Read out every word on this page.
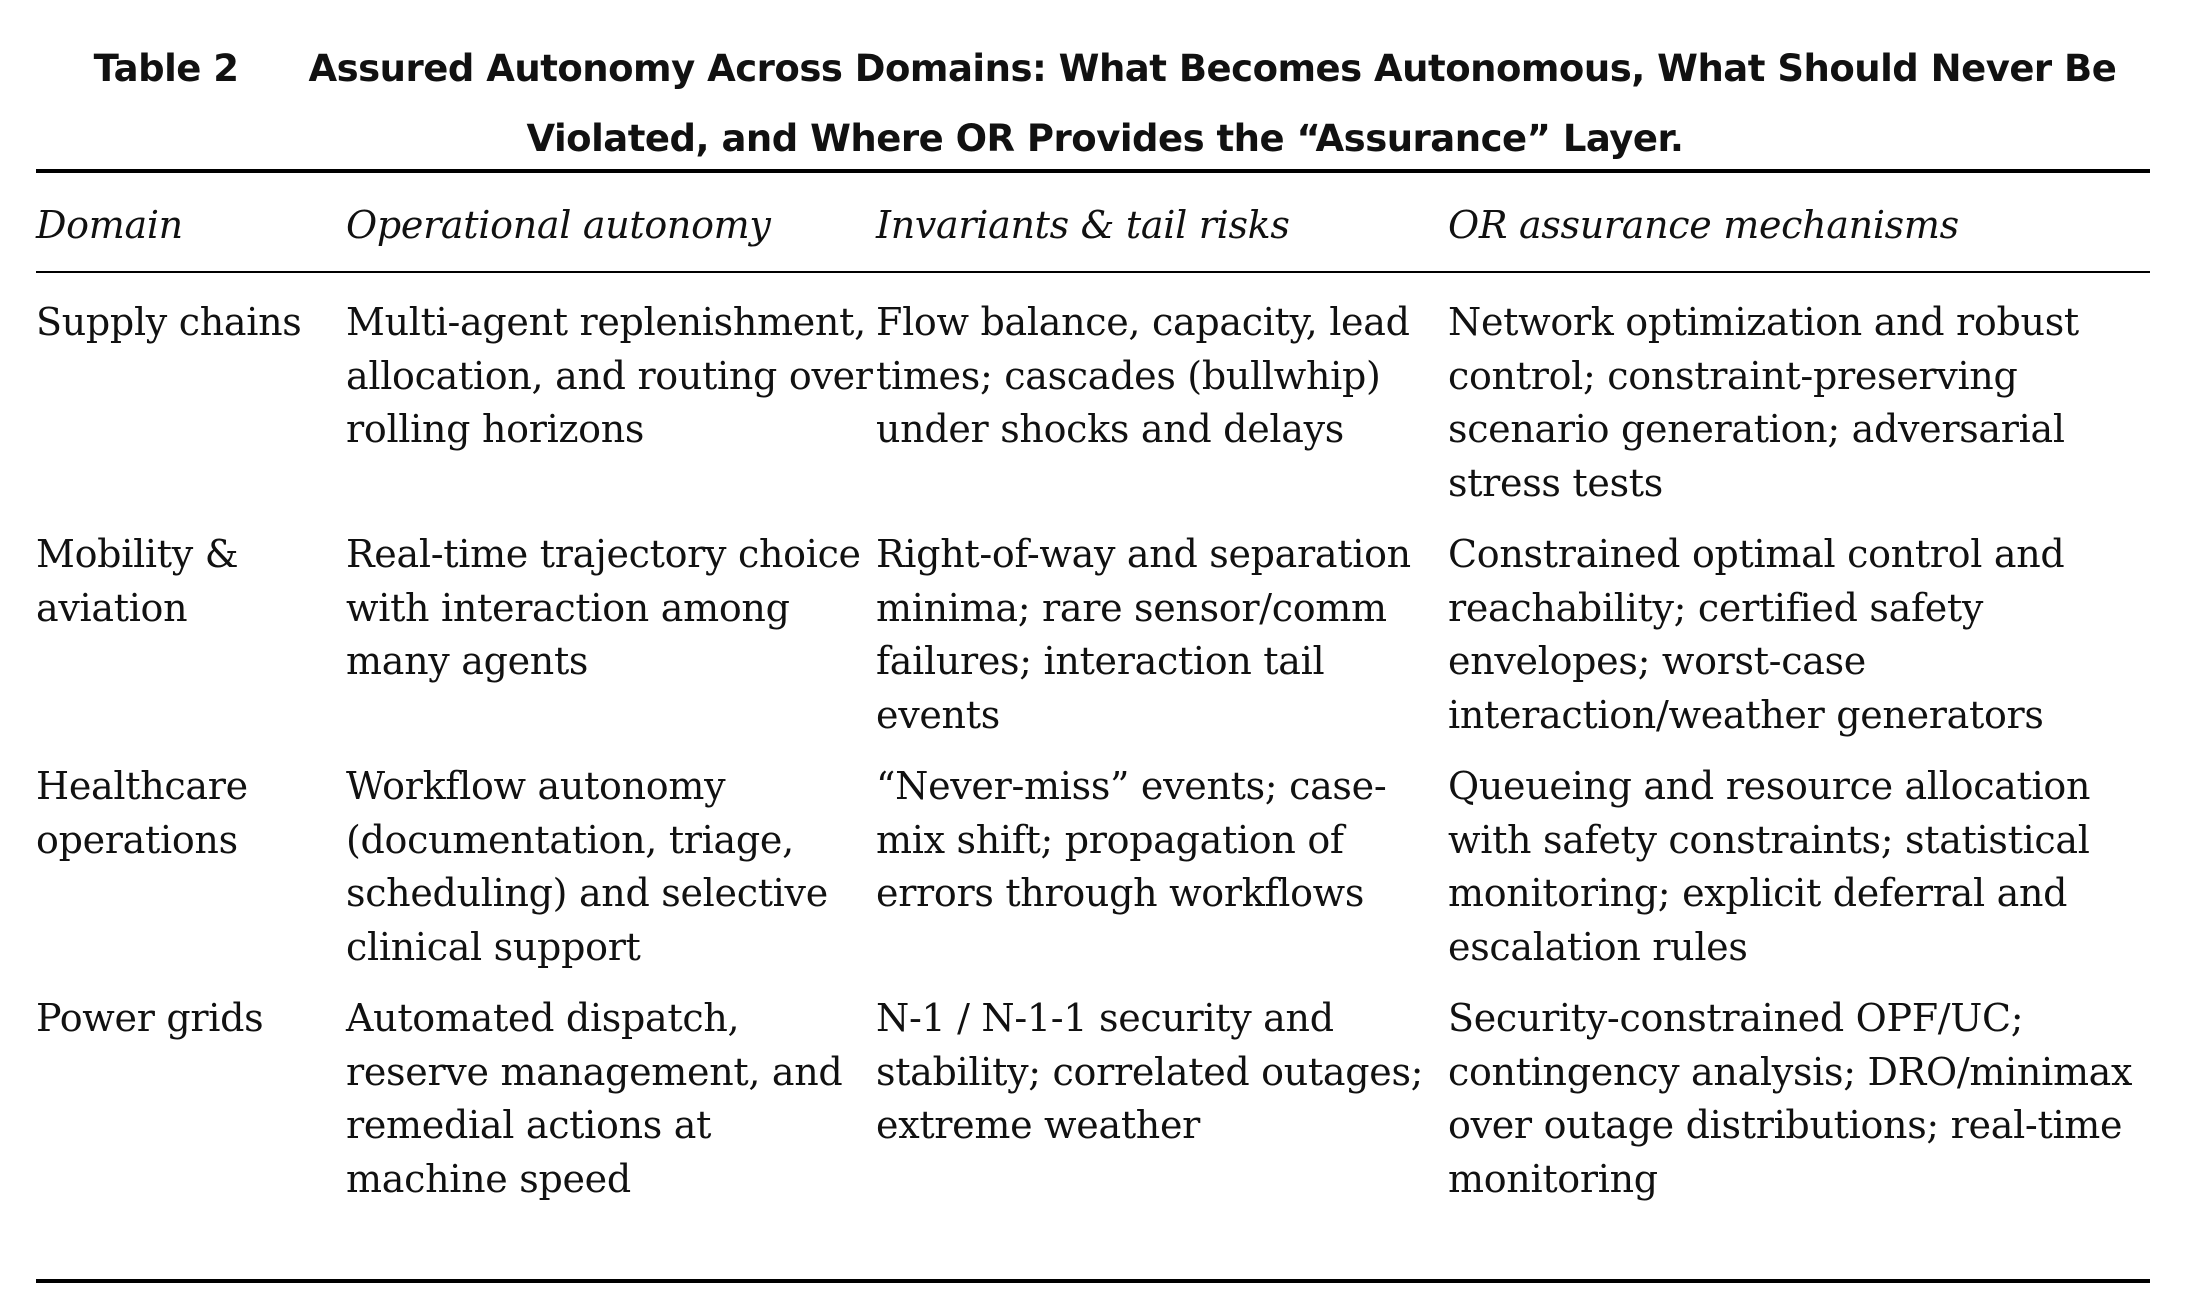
Table 2 Assured Autonomy Across Domains: What Becomes Autonomous, What Should Never Be Violated, and Where OR Provides the “Assurance” Layer.
Domain	Operational autonomy	Invariants & tail risks	OR assurance mechanisms
Supply chains	Multi-agent replenishment, allocation, and routing over rolling horizons	Flow balance, capacity, lead times; cascades (bullwhip) under shocks and delays	Network optimization and robust control; constraint-preserving scenario generation; adversarial stress tests
Mobility & aviation	Real-time trajectory choice with interaction among many agents	Right-of-way and separation minima; rare sensor/comm failures; interaction tail events	Constrained optimal control and reachability; certified safety envelopes; worst-case interaction/weather generators
Healthcare operations	Workflow autonomy (documentation, triage, scheduling) and selective clinical support	“Never-miss” events; case-mix shift; propagation of errors through workflows	Queueing and resource allocation with safety constraints; statistical monitoring; explicit deferral and escalation rules
Power grids	Automated dispatch, reserve management, and remedial actions at machine speed	N-1 / N-1-1 security and stability; correlated outages; extreme weather	Security-constrained OPF/UC; contingency analysis; DRO/minimax over outage distributions; real-time monitoring
